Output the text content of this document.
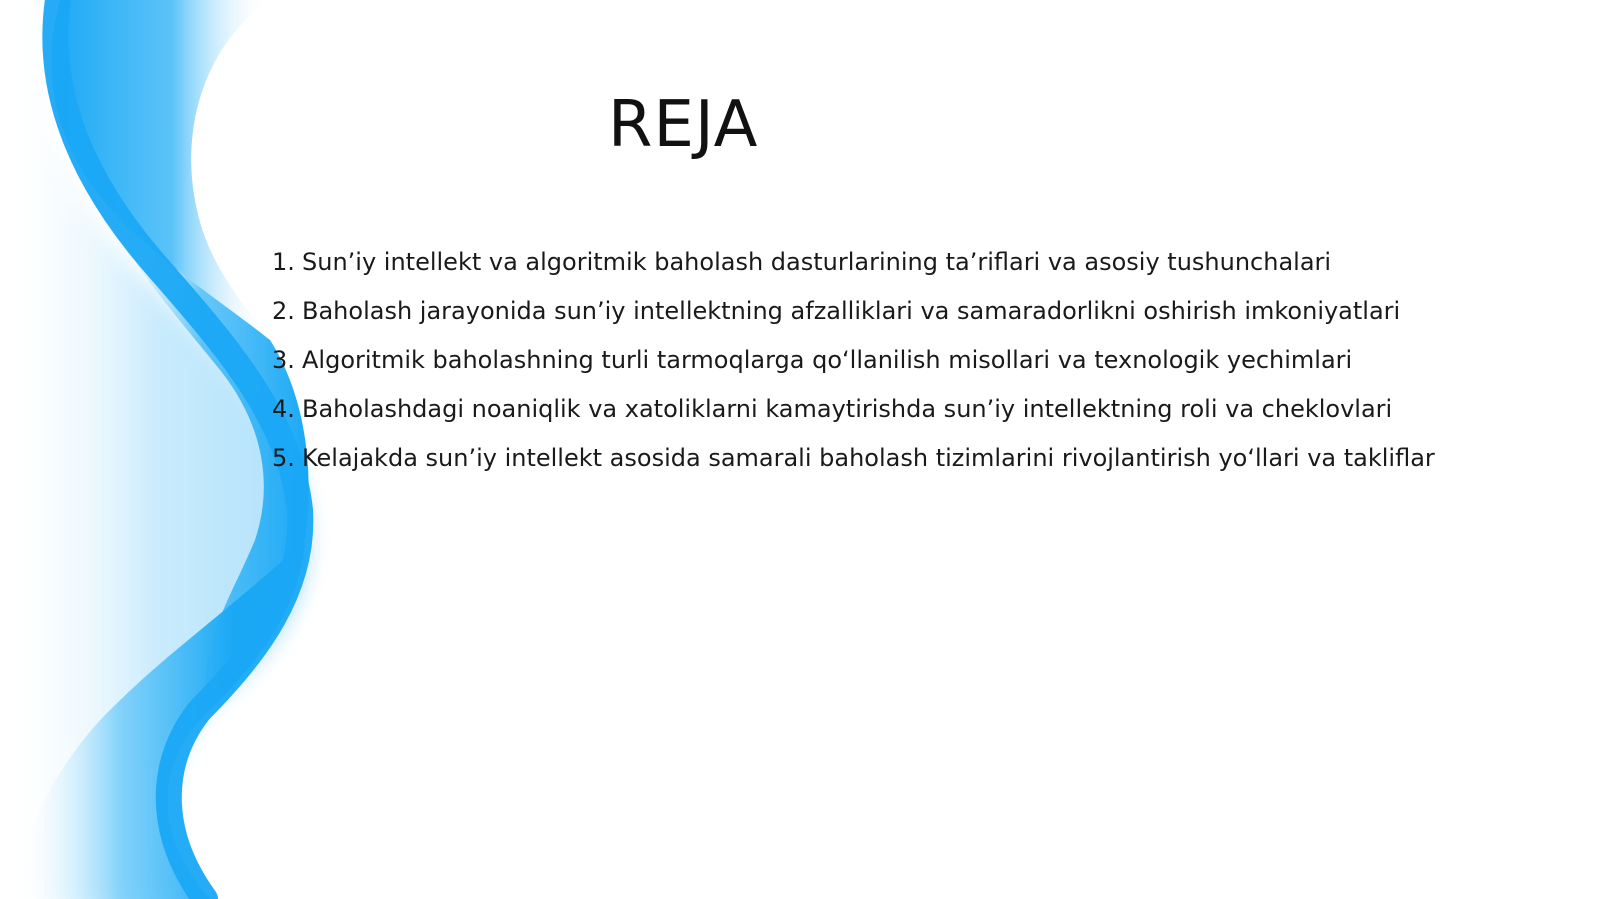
REJA
1. Sun’iy intellekt va algoritmik baholash dasturlarining ta’riflari va asosiy tushunchalari
2. Baholash jarayonida sun’iy intellektning afzalliklari va samaradorlikni oshirish imkoniyatlari
3. Algoritmik baholashning turli tarmoqlarga qo‘llanilish misollari va texnologik yechimlari
4. Baholashdagi noaniqlik va xatoliklarni kamaytirishda sun’iy intellektning roli va cheklovlari
5. Kelajakda sun’iy intellekt asosida samarali baholash tizimlarini rivojlantirish yo‘llari va takliflar
